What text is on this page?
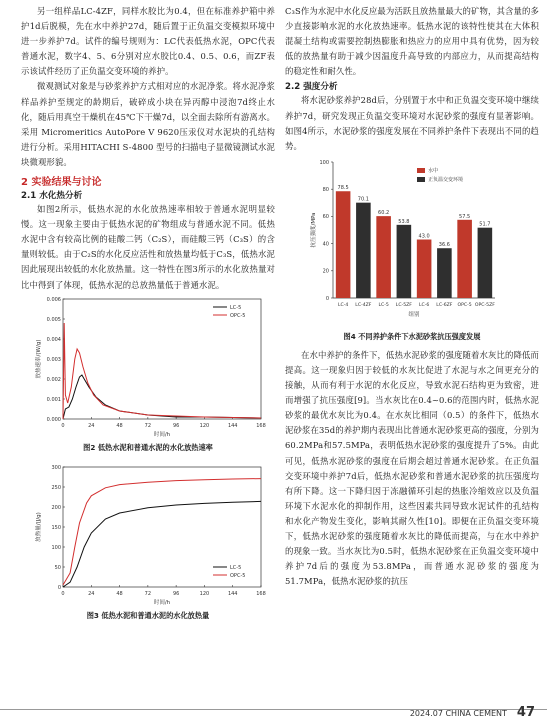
另一组样品LC-4ZF，同样水胶比为0.4，但在标准养护箱中养护1d后脱模，先在水中养护27d，随后置于正负温交变模拟环境中进一步养护7d。试件的编号规则为：LC代表低热水泥，OPC代表普通水泥，数字4、5、6分别对应水胶比0.4、0.5、0.6，而ZF表示该试件经历了正负温交变环境的养护。

微观测试对象是与砂浆养护方式相对应的水泥净浆。将水泥净浆样品养护至规定的龄期后，破碎成小块在异丙醇中浸泡7d终止水化，随后用真空干燥机在45℃下干燥7d，以全面去除所有游离水。采用 Micromeritics AutoPore V 9620压汞仪对水泥块的孔结构进行分析。采用HITACHI S-4800 型号的扫描电子显微镜测试水泥块微观形貌。

2 实验结果与讨论
2.1 水化热分析

如图2所示，低热水泥的水化放热速率相较于普通水泥明显较慢。这一现象主要由于低热水泥的矿物组成与普通水泥不同。低热水泥中含有较高比例的硅酸二钙（C₂S），而硅酸三钙（C₃S）的含量则较低。由于C₂S的水化反应活性和放热量均低于C₃S，低热水泥因此展现出较低的水化放热量。这一特性在图3所示的水化放热量对比中得到了体现，低热水泥的总放热量低于普通水泥。

0	24	48	72	96	120	144	168
0.000
0.001
0.002
0.003
0.004
0.005
0.006
时间/h
放热速率/(W/g)
LC-5
OPC-5
图2 低热水泥和普通水泥的水化放热速率
0	24	48	72	96	120	144	168
0
50
100
150
200
250
300
时间/h
放热量/(J/g)
LC-5
OPC-5
图3 低热水泥和普通水泥的水化放热量

C₃S作为水泥中水化反应最为活跃且放热量最大的矿物，其含量的多少直接影响水泥的水化放热速率。低热水泥的该特性使其在大体积混凝土结构或需要控制热膨胀和热应力的应用中具有优势，因为较低的放热量有助于减少因温度升高导致的内部应力，从而提高结构的稳定性和耐久性。

2.2 强度分析

将水泥砂浆养护28d后，分别置于水中和正负温交变环境中继续养护7d，研究发现正负温交变环境对水泥砂浆的强度有显著影响。如图4所示，水泥砂浆的强度发展在不同养护条件下表现出不同的趋势。

0
20
40
60
80
100
抗压强度/MPa
78.5
LC-4
70.1
LC-4ZF
60.2
LC-5
53.8
LC-5ZF
43.0
LC-6
36.6
LC-6ZF
57.5
OPC-5
51.7
OPC-5ZF
组别
水中
正负温交变环境
图4 不同养护条件下水泥砂浆抗压强度发展

在水中养护的条件下，低热水泥砂浆的强度随着水灰比的降低而提高。这一现象归因于较低的水灰比促进了水泥与水之间更充分的接触，从而有利于水泥的水化反应，导致水泥石结构更为致密，进而增强了抗压强度[9]。当水灰比在0.4~0.6的范围内时，低热水泥砂浆的最优水灰比为0.4。在水灰比相同（0.5）的条件下，低热水泥砂浆在35d的养护期内表现出比普通水泥砂浆更高的强度，分别为60.2MPa和57.5MPa，表明低热水泥砂浆的强度提升了5%。由此可见，低热水泥砂浆的强度在后期会超过普通水泥砂浆。在正负温交变环境中养护7d后，低热水泥砂浆和普通水泥砂浆的抗压强度均有所下降。这一下降归因于冻融循环引起的热胀冷缩效应以及负温环境下水泥水化的抑制作用，这些因素共同导致水泥试件的孔结构和水化产物发生变化，影响其耐久性[10]。即便在正负温交变环境下，低热水泥砂浆的强度随着水灰比的降低而提高，与在水中养护的现象一致。当水灰比为0.5时，低热水泥砂浆在正负温交变环境中养护7d后的强度为53.8MPa，而普通水泥砂浆的强度为51.7MPa，低热水泥砂浆的抗压

2024.07 CHINA CEMENT 47
